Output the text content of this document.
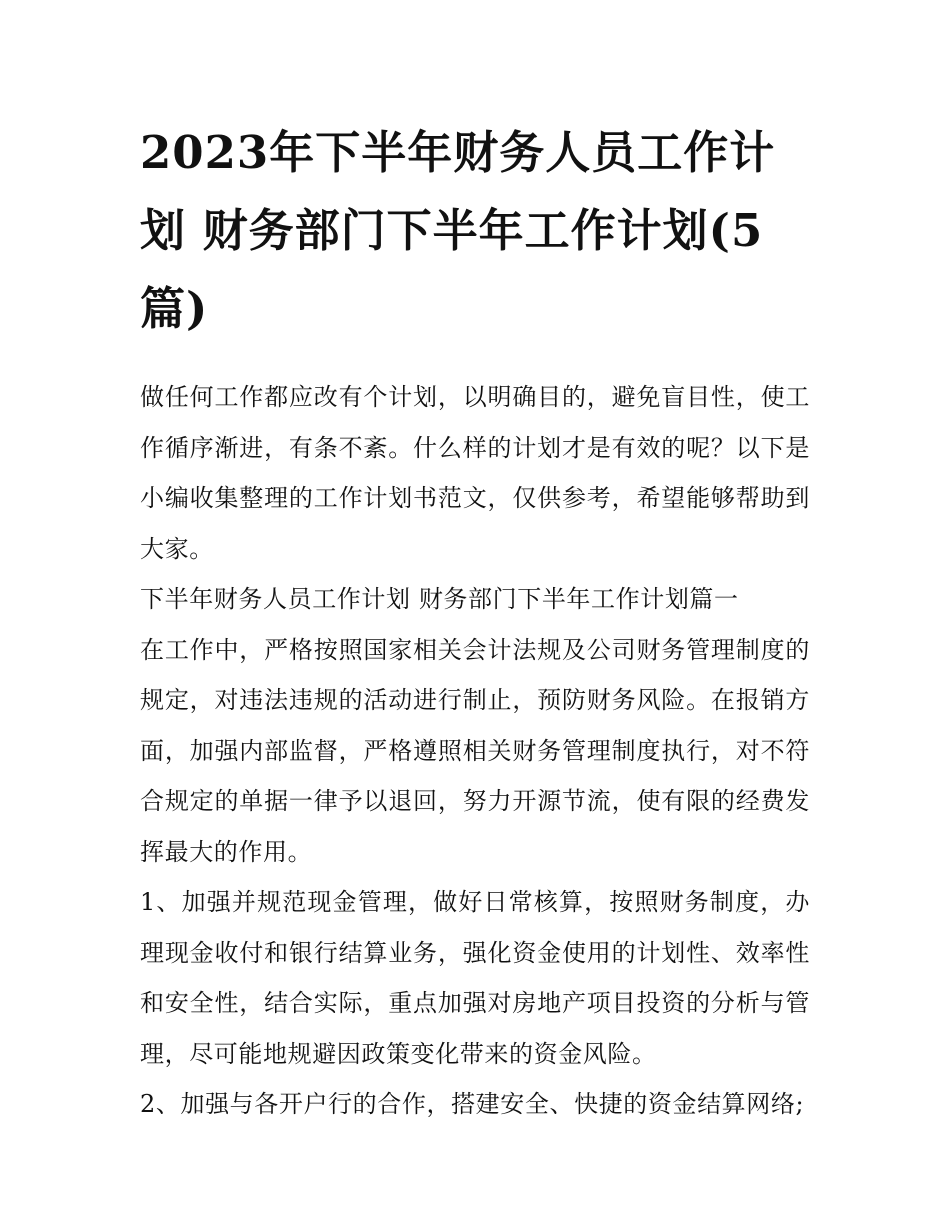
2023年下半年财务人员工作计划 财务部门下半年工作计划(5篇)

做任何工作都应改有个计划，以明确目的，避免盲目性，使工作循序渐进，有条不紊。什么样的计划才是有效的呢？以下是小编收集整理的工作计划书范文，仅供参考，希望能够帮助到大家。

下半年财务人员工作计划 财务部门下半年工作计划篇一

在工作中，严格按照国家相关会计法规及公司财务管理制度的规定，对违法违规的活动进行制止，预防财务风险。在报销方面，加强内部监督，严格遵照相关财务管理制度执行，对不符合规定的单据一律予以退回，努力开源节流，使有限的经费发挥最大的作用。

1、加强并规范现金管理，做好日常核算，按照财务制度，办理现金收付和银行结算业务，强化资金使用的计划性、效率性和安全性，结合实际，重点加强对房地产项目投资的分析与管理，尽可能地规避因政策变化带来的资金风险。

2、加强与各开户行的合作，搭建安全、快捷的资金结算网络;
